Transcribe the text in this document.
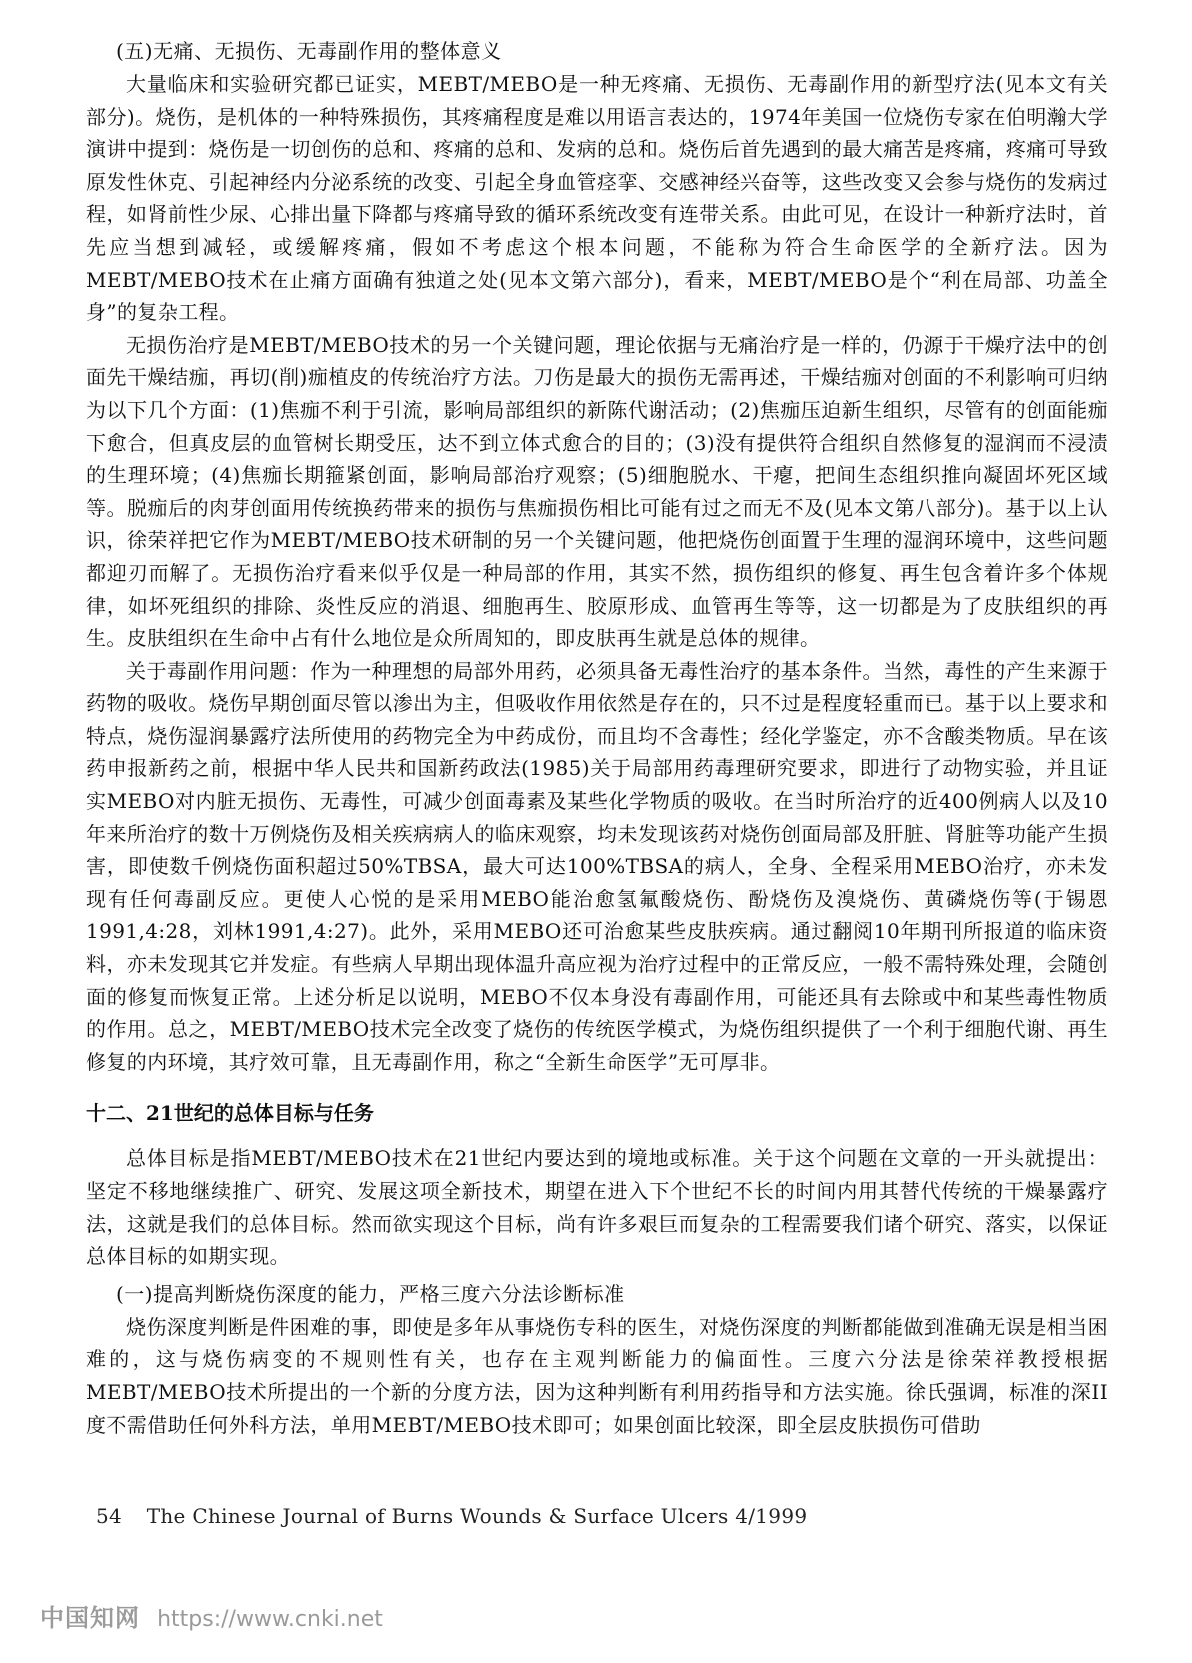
(五)无痛、无损伤、无毒副作用的整体意义

大量临床和实验研究都已证实，MEBT/MEBO是一种无疼痛、无损伤、无毒副作用的新型疗法(见本文有关部分)。烧伤，是机体的一种特殊损伤，其疼痛程度是难以用语言表达的，1974年美国一位烧伤专家在伯明瀚大学演讲中提到：烧伤是一切创伤的总和、疼痛的总和、发病的总和。烧伤后首先遇到的最大痛苦是疼痛，疼痛可导致原发性休克、引起神经内分泌系统的改变、引起全身血管痉挛、交感神经兴奋等，这些改变又会参与烧伤的发病过程，如肾前性少尿、心排出量下降都与疼痛导致的循环系统改变有连带关系。由此可见，在设计一种新疗法时，首先应当想到减轻，或缓解疼痛，假如不考虑这个根本问题，不能称为符合生命医学的全新疗法。因为MEBT/MEBO技术在止痛方面确有独道之处(见本文第六部分)，看来，MEBT/MEBO是个“利在局部、功盖全身”的复杂工程。

无损伤治疗是MEBT/MEBO技术的另一个关键问题，理论依据与无痛治疗是一样的，仍源于干燥疗法中的创面先干燥结痂，再切(削)痂植皮的传统治疗方法。刀伤是最大的损伤无需再述，干燥结痂对创面的不利影响可归纳为以下几个方面：(1)焦痂不利于引流，影响局部组织的新陈代谢活动；(2)焦痂压迫新生组织，尽管有的创面能痂下愈合，但真皮层的血管树长期受压，达不到立体式愈合的目的；(3)没有提供符合组织自然修复的湿润而不浸渍的生理环境；(4)焦痂长期箍紧创面，影响局部治疗观察；(5)细胞脱水、干瘪，把间生态组织推向凝固坏死区域等。脱痂后的肉芽创面用传统换药带来的损伤与焦痂损伤相比可能有过之而无不及(见本文第八部分)。基于以上认识，徐荣祥把它作为MEBT/MEBO技术研制的另一个关键问题，他把烧伤创面置于生理的湿润环境中，这些问题都迎刃而解了。无损伤治疗看来似乎仅是一种局部的作用，其实不然，损伤组织的修复、再生包含着许多个体规律，如坏死组织的排除、炎性反应的消退、细胞再生、胶原形成、血管再生等等，这一切都是为了皮肤组织的再生。皮肤组织在生命中占有什么地位是众所周知的，即皮肤再生就是总体的规律。

关于毒副作用问题：作为一种理想的局部外用药，必须具备无毒性治疗的基本条件。当然，毒性的产生来源于药物的吸收。烧伤早期创面尽管以渗出为主，但吸收作用依然是存在的，只不过是程度轻重而已。基于以上要求和特点，烧伤湿润暴露疗法所使用的药物完全为中药成份，而且均不含毒性；经化学鉴定，亦不含酸类物质。早在该药申报新药之前，根据中华人民共和国新药政法(1985)关于局部用药毒理研究要求，即进行了动物实验，并且证实MEBO对内脏无损伤、无毒性，可减少创面毒素及某些化学物质的吸收。在当时所治疗的近400例病人以及10年来所治疗的数十万例烧伤及相关疾病病人的临床观察，均未发现该药对烧伤创面局部及肝脏、肾脏等功能产生损害，即使数千例烧伤面积超过50%TBSA，最大可达100%TBSA的病人，全身、全程采用MEBO治疗，亦未发现有任何毒副反应。更使人心悦的是采用MEBO能治愈氢氟酸烧伤、酚烧伤及溴烧伤、黄磷烧伤等(于锡恩1991,4:28，刘林1991,4:27)。此外，采用MEBO还可治愈某些皮肤疾病。通过翻阅10年期刊所报道的临床资料，亦未发现其它并发症。有些病人早期出现体温升高应视为治疗过程中的正常反应，一般不需特殊处理，会随创面的修复而恢复正常。上述分析足以说明，MEBO不仅本身没有毒副作用，可能还具有去除或中和某些毒性物质的作用。总之，MEBT/MEBO技术完全改变了烧伤的传统医学模式，为烧伤组织提供了一个利于细胞代谢、再生修复的内环境，其疗效可靠，且无毒副作用，称之“全新生命医学”无可厚非。

十二、21世纪的总体目标与任务

总体目标是指MEBT/MEBO技术在21世纪内要达到的境地或标准。关于这个问题在文章的一开头就提出：坚定不移地继续推广、研究、发展这项全新技术，期望在进入下个世纪不长的时间内用其替代传统的干燥暴露疗法，这就是我们的总体目标。然而欲实现这个目标，尚有许多艰巨而复杂的工程需要我们诸个研究、落实，以保证总体目标的如期实现。

(一)提高判断烧伤深度的能力，严格三度六分法诊断标准

烧伤深度判断是件困难的事，即使是多年从事烧伤专科的医生，对烧伤深度的判断都能做到准确无误是相当困难的，这与烧伤病变的不规则性有关，也存在主观判断能力的偏面性。三度六分法是徐荣祥教授根据MEBT/MEBO技术所提出的一个新的分度方法，因为这种判断有利用药指导和方法实施。徐氏强调，标准的深II度不需借助任何外科方法，单用MEBT/MEBO技术即可；如果创面比较深，即全层皮肤损伤可借助

54 The Chinese Journal of Burns Wounds & Surface Ulcers 4/1999
中国知网 https://www.cnki.net
